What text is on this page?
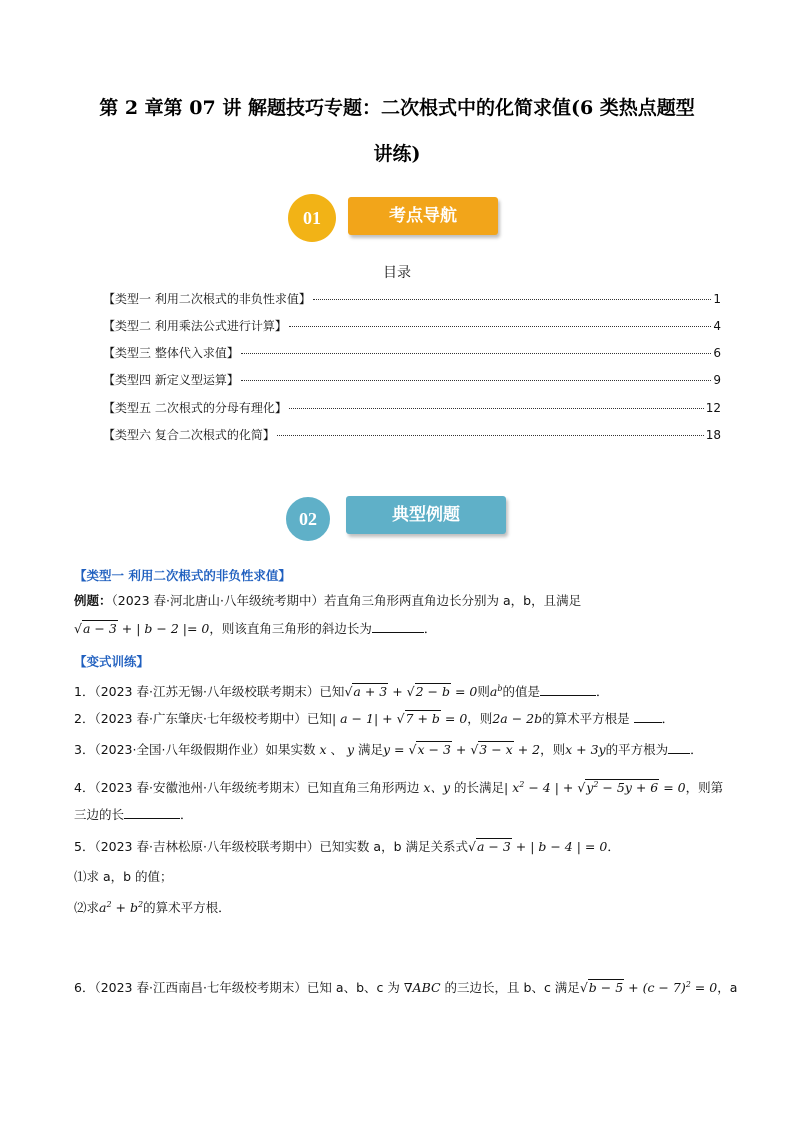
第 2 章第 07 讲 解题技巧专题：二次根式中的化简求值(6 类热点题型
讲练)
考点导航
01
目录
【类型一 利用二次根式的非负性求值】	1
【类型二 利用乘法公式进行计算】	4
【类型三 整体代入求值】	6
【类型四 新定义型运算】	9
【类型五 二次根式的分母有理化】	12
【类型六 复合二次根式的化简】	18
典型例题
02
【类型一 利用二次根式的非负性求值】
例题：（2023 春·河北唐山·八年级统考期中）若直角三角形两直角边长分别为 a，b，且满足
√a − 3 + | b − 2 |= 0，则该直角三角形的斜边长为	．
【变式训练】
1．（2023 春·江苏无锡·八年级校联考期末）已知√a + 3 + √2 − b = 0则$a^b$的值是	．
2．（2023 春·广东肇庆·七年级校考期中）已知| a − 1| + √7 + b = 0，则2a − 2b的算术平方根是	．
3．（2023·全国·八年级假期作业）如果实数 x 、 y 满足y = √x − 3 + √3 − x + 2，则x + 3y的平方根为 ．
4．（2023 春·安徽池州·八年级统考期末）已知直角三角形两边 x、y 的长满足| $x^2 - 4$ | + $√y^2 - 5y + 6 = 0$，则第
三边的长	．
5．（2023 春·吉林松原·八年级校联考期中）已知实数 a，b 满足关系式√a − 3 + | b − 4 | = 0．
⑴求 a，b 的值；
⑵求$a^2 + b^2$的算术平方根．
6．（2023 春·江西南昌·七年级校考期末）已知 a、b、c 为 ∇ABC 的三边长，且 b、c 满足$√b - 5 + (c - 7)^2 = 0$，a
